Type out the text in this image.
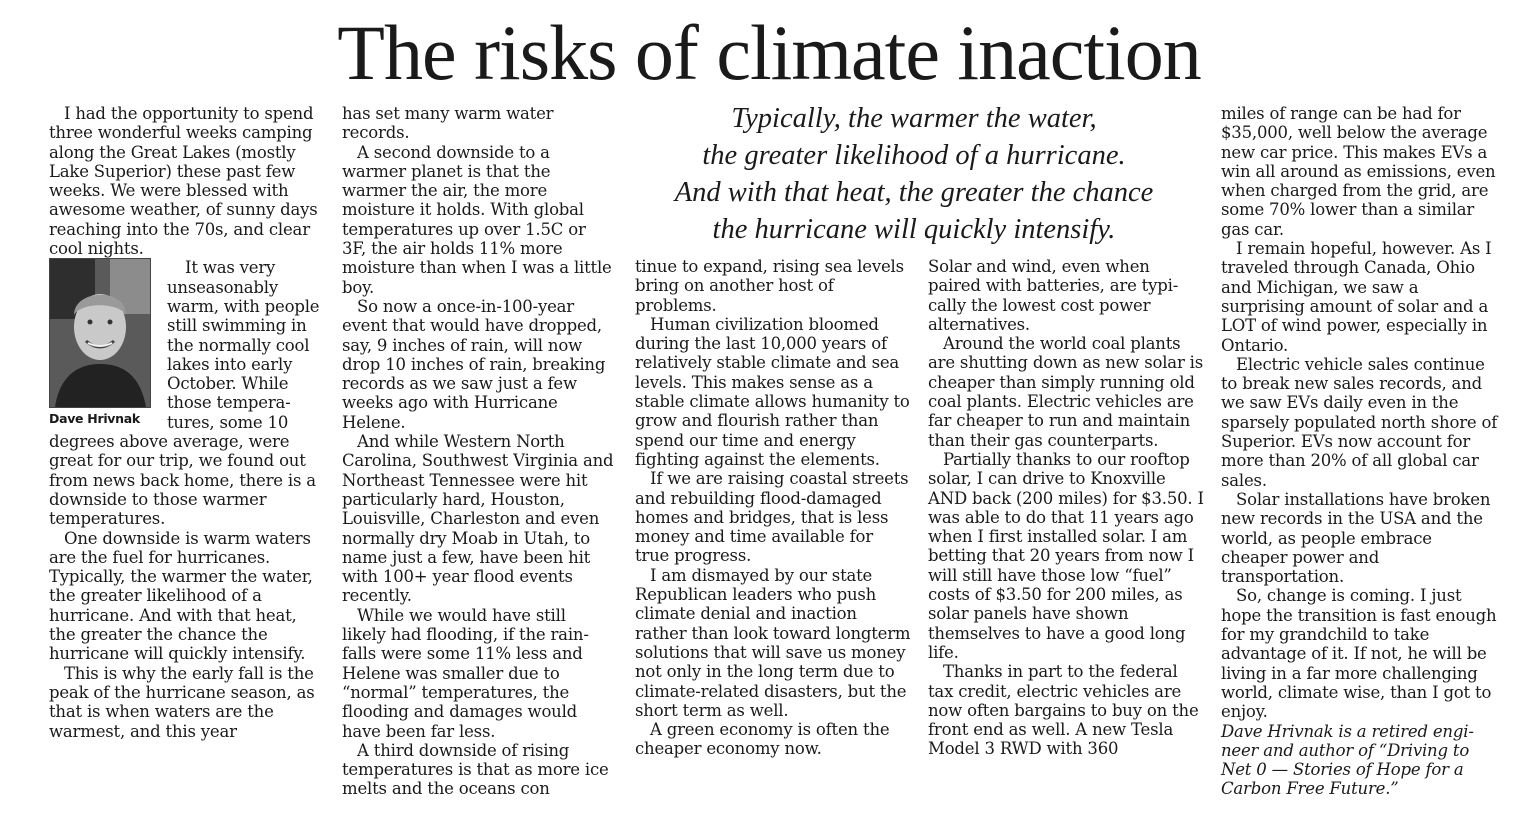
The risks of climate inaction
Typically, the warmer the water,
the greater likelihood of a hurricane.
And with that heat, the greater the chance
the hurricane will quickly intensify.

I had the opportunity to spend three wonderful weeks camping along the Great Lakes (mostly Lake Superior) these past few weeks. We were blessed with awesome weather, of sunny days reaching into the 70s, and clear cool nights.

Dave Hrivnak

It was very unseasonably warm, with people still swimming in the normally cool lakes into early October. While those temperatures, some 10 degrees above average, were great for our trip, we found out from news back home, there is a downside to those warmer temperatures.

One downside is warm waters are the fuel for hurricanes. Typically, the warmer the water, the greater likelihood of a hurricane. And with that heat, the greater the chance the hurricane will quickly intensify.

This is why the early fall is the peak of the hurricane season, as that is when waters are the warmest, and this year

has set many warm water records.

A second downside to a warmer planet is that the warmer the air, the more moisture it holds. With global temperatures up over 1.5C or 3F, the air holds 11% more moisture than when I was a little boy.

So now a once-in-100-year event that would have dropped, say, 9 inches of rain, will now drop 10 inches of rain, breaking records as we saw just a few weeks ago with Hurricane Helene.

And while Western North Carolina, Southwest Virginia and Northeast Tennessee were hit particularly hard, Houston, Louisville, Charleston and even normally dry Moab in Utah, to name just a few, have been hit with 100+ year flood events recently.

While we would have still likely had flooding, if the rainfalls were some 11% less and Helene was smaller due to “normal” temperatures, the flooding and damages would have been far less.

A third downside of rising temperatures is that as more ice melts and the oceans con

tinue to expand, rising sea levels bring on another host of problems.

Human civilization bloomed during the last 10,000 years of relatively stable climate and sea levels. This makes sense as a stable climate allows humanity to grow and flourish rather than spend our time and energy fighting against the elements.

If we are raising coastal streets and rebuilding flood-damaged homes and bridges, that is less money and time available for true progress.

I am dismayed by our state Republican leaders who push climate denial and inaction rather than look toward longterm solutions that will save us money not only in the long term due to climate-related disasters, but the short term as well.

A green economy is often the cheaper economy now.

Solar and wind, even when paired with batteries, are typically the lowest cost power alternatives.

Around the world coal plants are shutting down as new solar is cheaper than simply running old coal plants. Electric vehicles are far cheaper to run and maintain than their gas counterparts.

Partially thanks to our rooftop solar, I can drive to Knoxville AND back (200 miles) for $3.50. I was able to do that 11 years ago when I first installed solar. I am betting that 20 years from now I will still have those low “fuel” costs of $3.50 for 200 miles, as solar panels have shown themselves to have a good long life.

Thanks in part to the federal tax credit, electric vehicles are now often bargains to buy on the front end as well. A new Tesla Model 3 RWD with 360

miles of range can be had for $35,000, well below the average new car price. This makes EVs a win all around as emissions, even when charged from the grid, are some 70% lower than a similar gas car.

I remain hopeful, however. As I traveled through Canada, Ohio and Michigan, we saw a surprising amount of solar and a LOT of wind power, especially in Ontario.

Electric vehicle sales continue to break new sales records, and we saw EVs daily even in the sparsely populated north shore of Superior. EVs now account for more than 20% of all global car sales.

Solar installations have broken new records in the USA and the world, as people embrace cheaper power and transportation.

So, change is coming. I just hope the transition is fast enough for my grandchild to take advantage of it. If not, he will be living in a far more challenging world, climate wise, than I got to enjoy.

Dave Hrivnak is a retired engineer and author of “Driving to Net 0 — Stories of Hope for a Carbon Free Future.”
